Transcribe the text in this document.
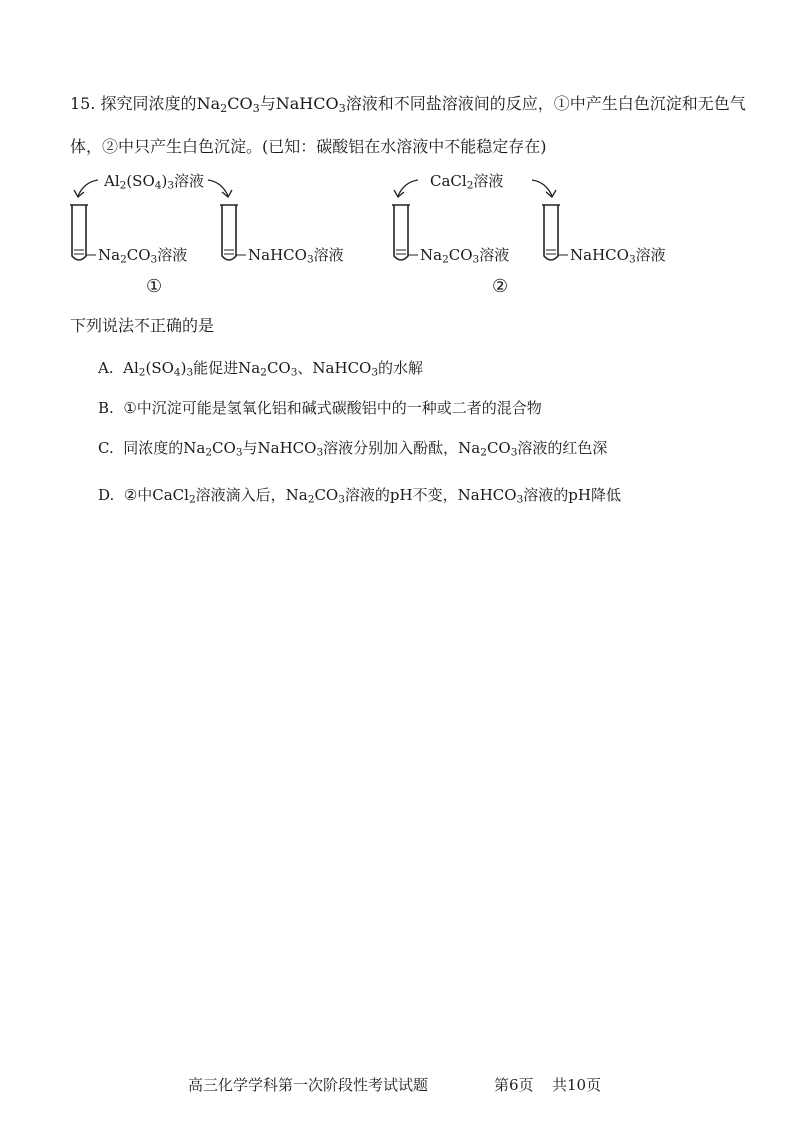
15. 探究同浓度的$Na_2CO_3$与NaHCO$_3$溶液和不同盐溶液间的反应，①中产生白色沉淀和无色气
体，②中只产生白色沉淀。(已知：碳酸铝在水溶液中不能稳定存在)
$Al_2(SO_4)_3$溶液
$Na_2CO_3$溶液	NaHCO$_3$溶液
①
CaCl$_2$溶液
$Na_2CO_3$溶液	NaHCO$_3$溶液
②
下列说法不正确的是
A. $Al_2(SO_4)_3$能促进$Na_2CO_3$、NaHCO$_3$的水解
B. ①中沉淀可能是氢氧化铝和碱式碳酸铝中的一种或二者的混合物
C. 同浓度的$Na_2CO_3$与NaHCO$_3$溶液分别加入酚酞，$Na_2CO_3$溶液的红色深
D. ②中CaCl$_2$溶液滴入后，$Na_2CO_3$溶液的pH不变，NaHCO$_3$溶液的pH降低
高三化学学科第一次阶段性考试试题	第6页 共10页
